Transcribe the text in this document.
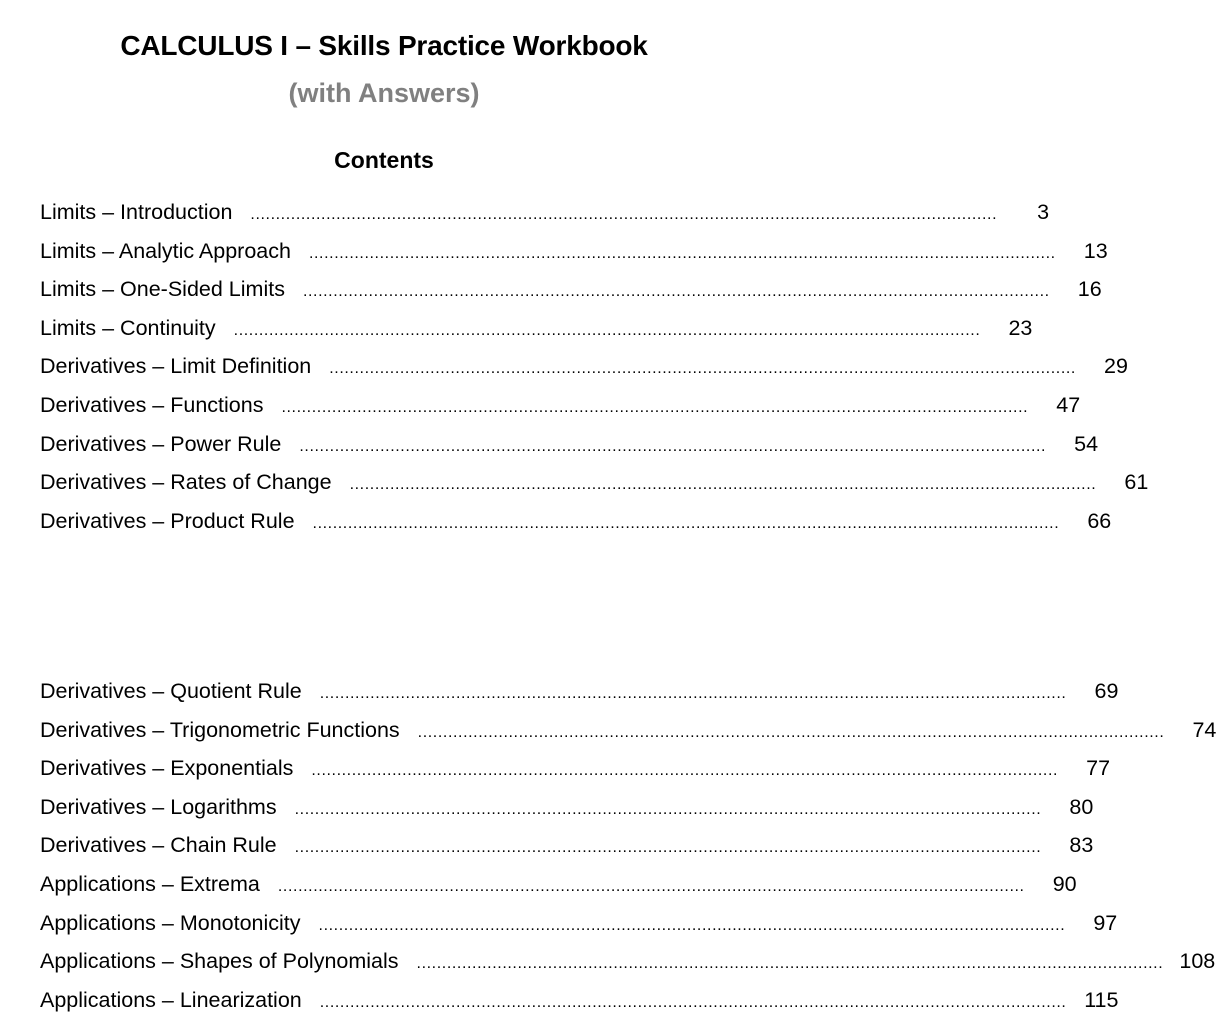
CALCULUS I – Skills Practice Workbook
(with Answers)
Contents
Limits – Introduction	....................................................................................................................................................	3
Limits – Analytic Approach	....................................................................................................................................................	13
Limits – One-Sided Limits	....................................................................................................................................................	16
Limits – Continuity	....................................................................................................................................................	23
Derivatives – Limit Definition	....................................................................................................................................................	29
Derivatives – Functions	....................................................................................................................................................	47
Derivatives – Power Rule	....................................................................................................................................................	54
Derivatives – Rates of Change	....................................................................................................................................................	61
Derivatives – Product Rule	....................................................................................................................................................	66
Derivatives – Quotient Rule	....................................................................................................................................................	69
Derivatives – Trigonometric Functions	....................................................................................................................................................	74
Derivatives – Exponentials	....................................................................................................................................................	77
Derivatives – Logarithms	....................................................................................................................................................	80
Derivatives – Chain Rule	....................................................................................................................................................	83
Applications – Extrema	....................................................................................................................................................	90
Applications – Monotonicity	....................................................................................................................................................	97
Applications – Shapes of Polynomials	.................................................................................................................................................... 108
Applications – Linearization	.................................................................................................................................................... 115
